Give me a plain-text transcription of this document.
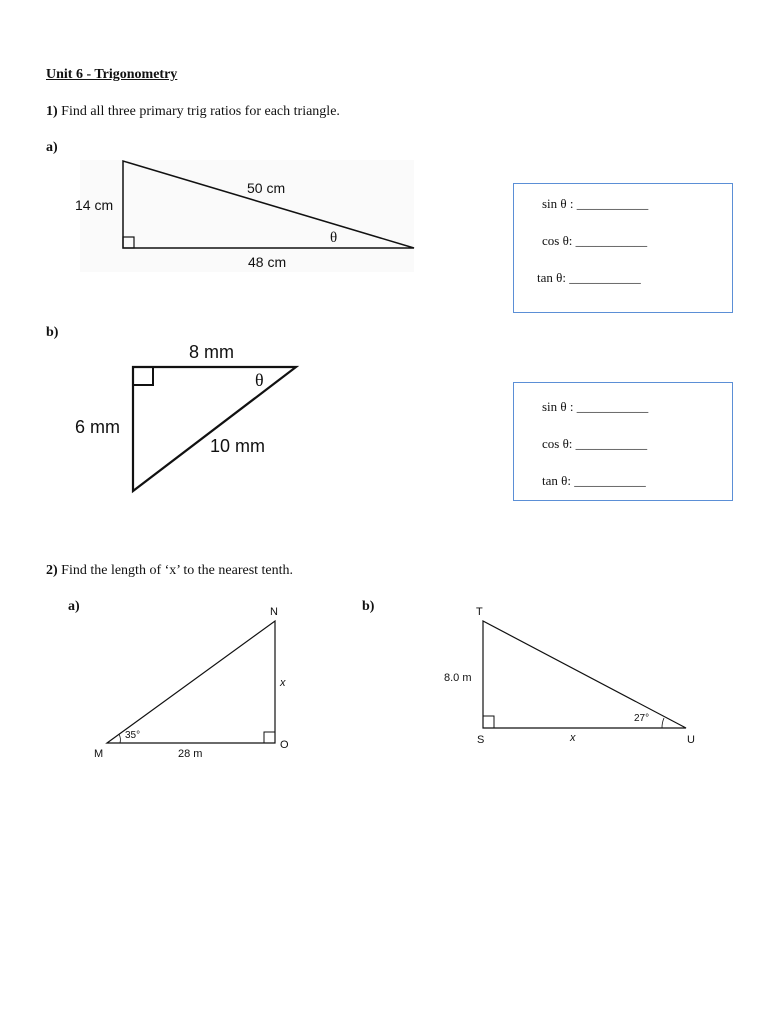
Unit 6 - Trigonometry
1) Find all three primary trig ratios for each triangle.
a)
14 cm
50 cm
48 cm
θ
sin θ : ___________
cos θ: ___________
tan θ: ___________
b)
8 mm
6 mm
10 mm
θ
sin θ : ___________
cos θ: ___________
tan θ: ___________
2) Find the length of ‘x’ to the nearest tenth.
a)	b)
N
M
O
x
28 m
35°
T
S	U
8.0 m
x
27°
